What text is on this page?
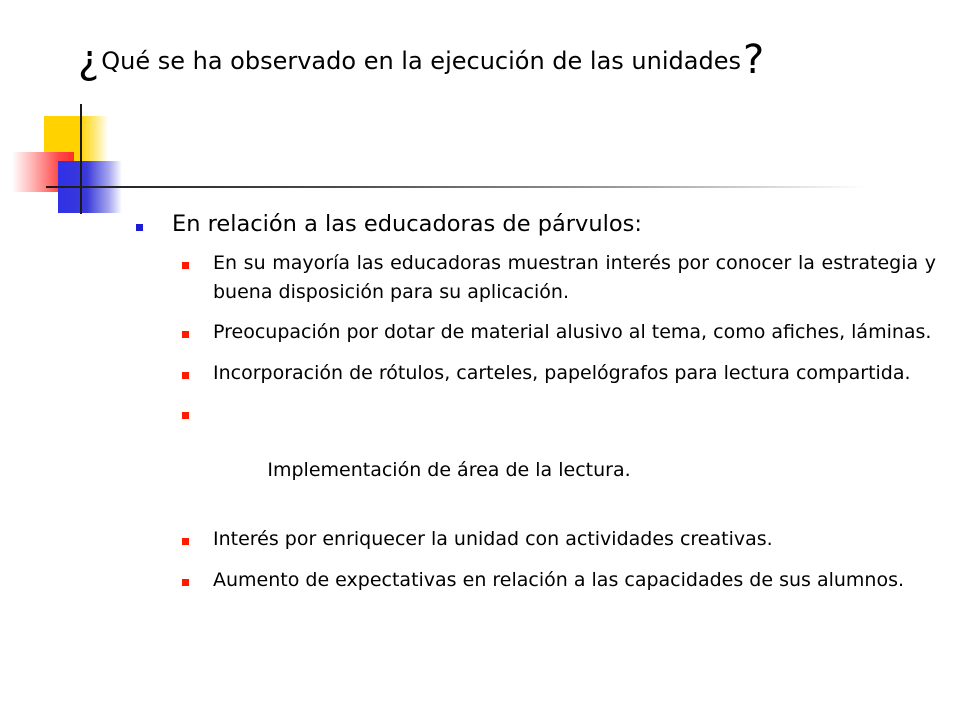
¿Qué se ha observado en la ejecución de las unidades?
En relación a las educadoras de párvulos:
En su mayoría las educadoras muestran interés por conocer la estrategia y buena disposición para su aplicación.
Preocupación por dotar de material alusivo al tema, como afiches, láminas.
Incorporación de rótulos, carteles, papelógrafos para lectura compartida.

Implementación de área de la lectura.

Interés por enriquecer la unidad con actividades creativas.
Aumento de expectativas en relación a las capacidades de sus alumnos.
